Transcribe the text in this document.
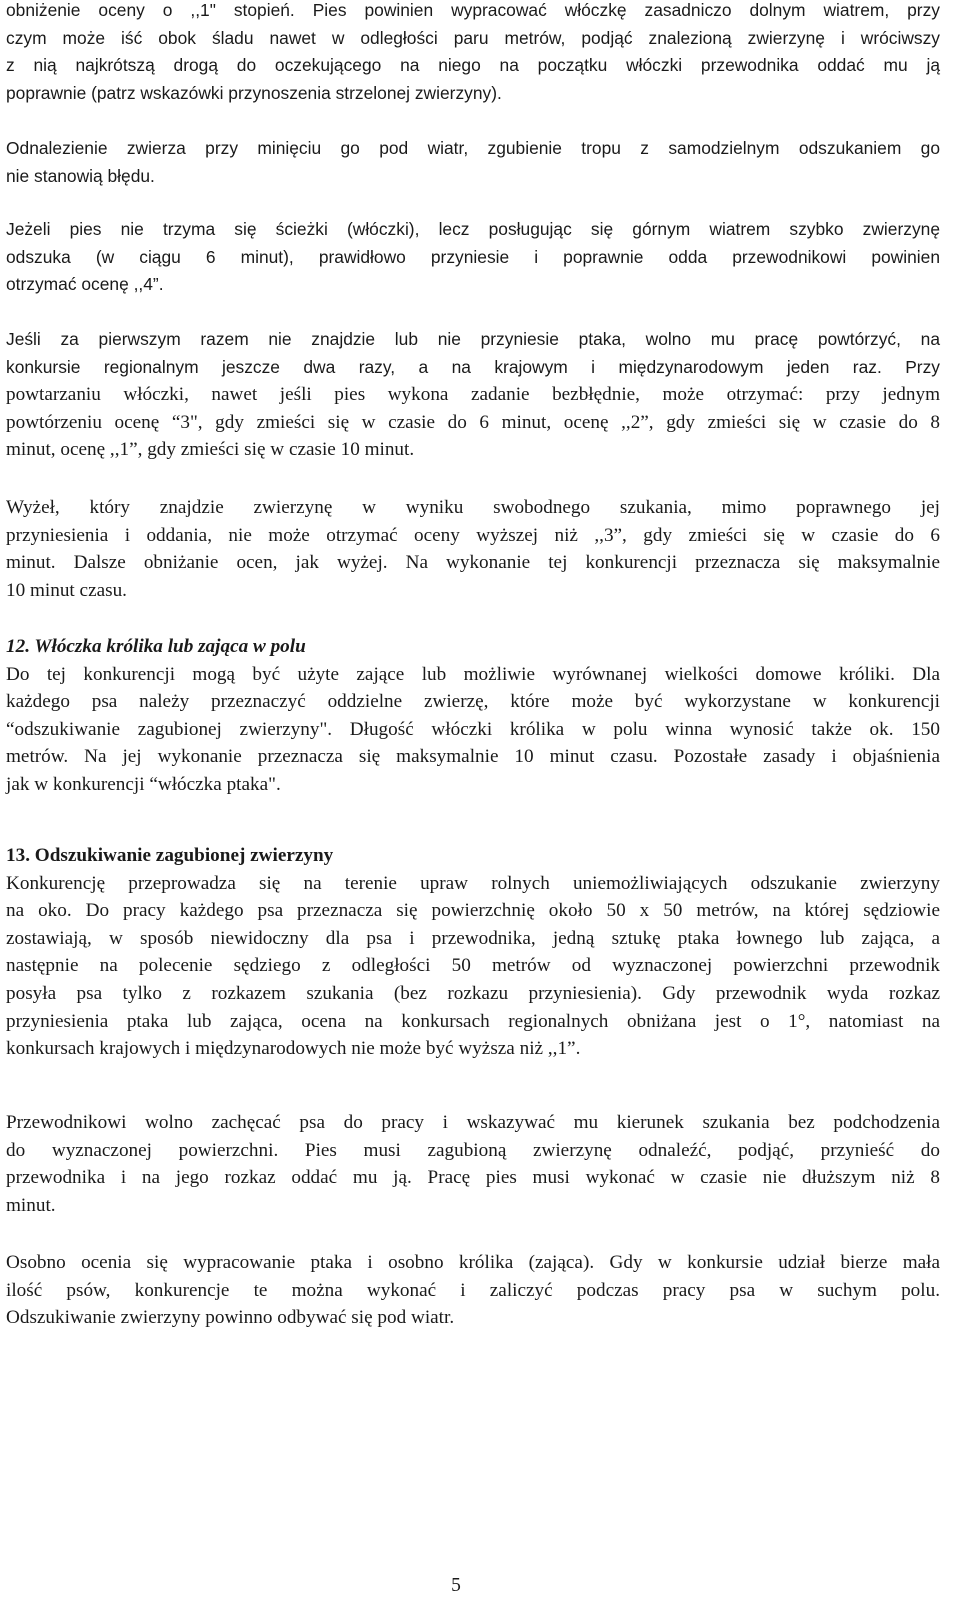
obniżenie oceny o ,,1" stopień. Pies powinien wypracować włóczkę zasadniczo dolnym wiatrem, przy
czym może iść obok śladu nawet w odległości paru metrów, podjąć znalezioną zwierzynę i wróciwszy
z nią najkrótszą drogą do oczekującego na niego na początku włóczki przewodnika oddać mu ją
poprawnie (patrz wskazówki przynoszenia strzelonej zwierzyny).
Odnalezienie zwierza przy minięciu go pod wiatr, zgubienie tropu z samodzielnym odszukaniem go
nie stanowią błędu.
Jeżeli pies nie trzyma się ścieżki (włóczki), lecz posługując się górnym wiatrem szybko zwierzynę
odszuka (w ciągu 6 minut), prawidłowo przyniesie i poprawnie odda przewodnikowi powinien
otrzymać ocenę ,,4”.
Jeśli za pierwszym razem nie znajdzie lub nie przyniesie ptaka, wolno mu pracę powtórzyć, na
konkursie regionalnym jeszcze dwa razy, a na krajowym i międzynarodowym jeden raz. Przy
powtarzaniu włóczki, nawet jeśli pies wykona zadanie bezbłędnie, może otrzymać: przy jednym
powtórzeniu ocenę “3", gdy zmieści się w czasie do 6 minut, ocenę ,,2”, gdy zmieści się w czasie do 8
minut, ocenę ,,1”, gdy zmieści się w czasie 10 minut.
Wyżeł, który znajdzie zwierzynę w wyniku swobodnego szukania, mimo poprawnego jej
przyniesienia i oddania, nie może otrzymać oceny wyższej niż ,,3”, gdy zmieści się w czasie do 6
minut. Dalsze obniżanie ocen, jak wyżej. Na wykonanie tej konkurencji przeznacza się maksymalnie
10 minut czasu.
12. Włóczka królika lub zająca w polu
Do tej konkurencji mogą być użyte zające lub możliwie wyrównanej wielkości domowe króliki. Dla
każdego psa należy przeznaczyć oddzielne zwierzę, które może być wykorzystane w konkurencji
“odszukiwanie zagubionej zwierzyny". Długość włóczki królika w polu winna wynosić także ok. 150
metrów. Na jej wykonanie przeznacza się maksymalnie 10 minut czasu. Pozostałe zasady i objaśnienia
jak w konkurencji “włóczka ptaka".
13. Odszukiwanie zagubionej zwierzyny
Konkurencję przeprowadza się na terenie upraw rolnych uniemożliwiających odszukanie zwierzyny
na oko. Do pracy każdego psa przeznacza się powierzchnię około 50 x 50 metrów, na której sędziowie
zostawiają, w sposób niewidoczny dla psa i przewodnika, jedną sztukę ptaka łownego lub zająca, a
następnie na polecenie sędziego z odległości 50 metrów od wyznaczonej powierzchni przewodnik
posyła psa tylko z rozkazem szukania (bez rozkazu przyniesienia). Gdy przewodnik wyda rozkaz
przyniesienia ptaka lub zająca, ocena na konkursach regionalnych obniżana jest o 1°, natomiast na
konkursach krajowych i międzynarodowych nie może być wyższa niż ,,1”.
Przewodnikowi wolno zachęcać psa do pracy i wskazywać mu kierunek szukania bez podchodzenia
do wyznaczonej powierzchni. Pies musi zagubioną zwierzynę odnaleźć, podjąć, przynieść do
przewodnika i na jego rozkaz oddać mu ją. Pracę pies musi wykonać w czasie nie dłuższym niż 8
minut.
Osobno ocenia się wypracowanie ptaka i osobno królika (zająca). Gdy w konkursie udział bierze mała
ilość psów, konkurencje te można wykonać i zaliczyć podczas pracy psa w suchym polu.
Odszukiwanie zwierzyny powinno odbywać się pod wiatr.
5
